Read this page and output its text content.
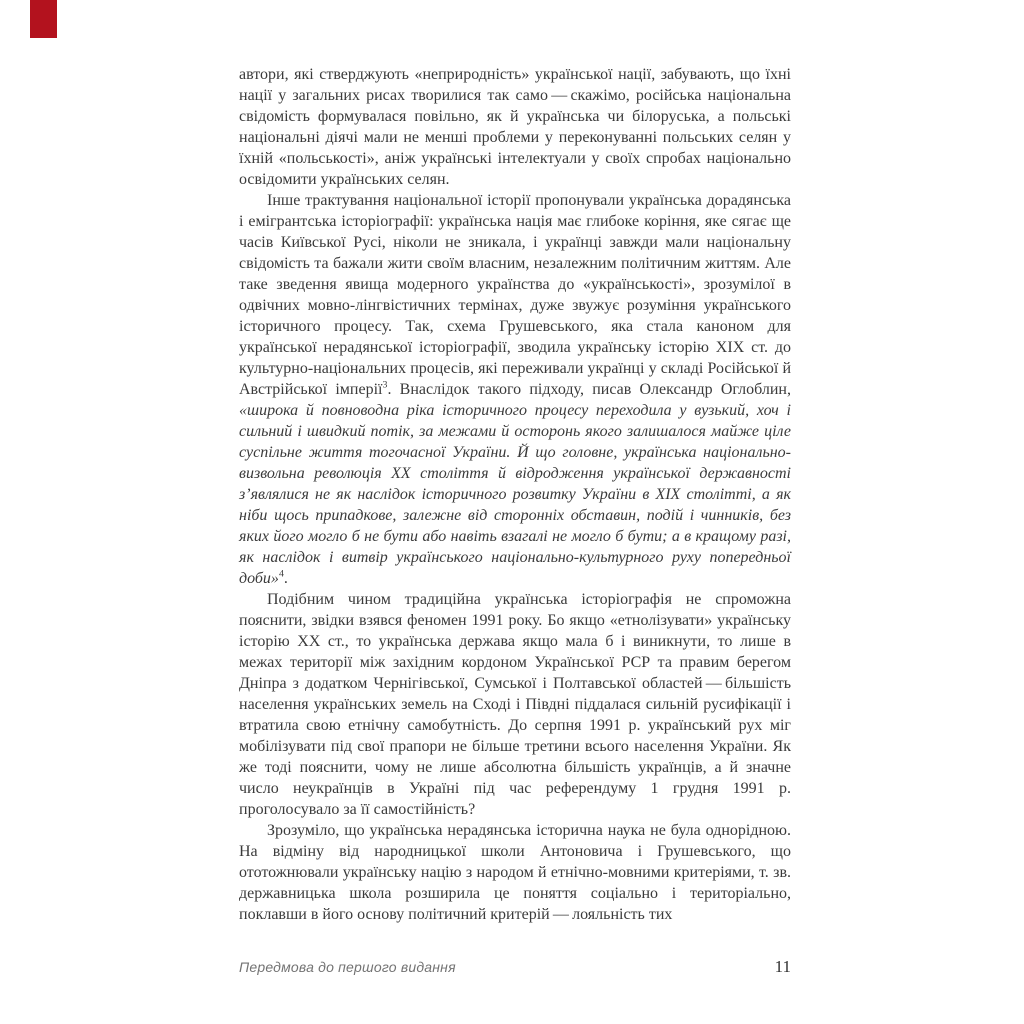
автори, які стверджують «неприродність» української нації, забувають, що їхні нації у загальних рисах творилися так само — скажімо, російська національна свідомість формувалася повільно, як й українська чи білоруська, а польські національні діячі мали не менші проблеми у переконуванні польських селян у їхній «польськості», аніж українські інтелектуали у своїх спробах національно освідомити українських селян.

Інше трактування національної історії пропонували українська дорадянська і емігрантська історіографії: українська нація має глибоке коріння, яке сягає ще часів Київської Русі, ніколи не зникала, і українці завжди мали національну свідомість та бажали жити своїм власним, незалежним політичним життям. Але таке зведення явища модерного українства до «українськості», зрозумілої в одвічних мовно-лінгвістичних термінах, дуже звужує розуміння українського історичного процесу. Так, схема Грушевського, яка стала каноном для української нерадянської історіографії, зводила українську історію XIX ст. до культурно-національних процесів, які переживали українці у складі Російської й Австрійської імперії$^3$. Внаслідок такого підходу, писав Олександр Оглоблин, «широка й повноводна ріка історичного процесу переходила у вузький, хоч і сильний і швидкий потік, за межами й осторонь якого залишалося майже ціле суспільне життя тогочасної України. Й що головне, українська національно-визвольна революція XX століття й відродження української державності з’являлися не як наслідок історичного розвитку України в XIX столітті, а як ніби щось припадкове, залежне від сторонніх обставин, подій і чинників, без яких його могло б не бути або навіть взагалі не могло б бути; а в кращому разі, як наслідок і витвір українського національно-культурного руху попередньої доби»$^4$.

Подібним чином традиційна українська історіографія не спроможна пояснити, звідки взявся феномен 1991 року. Бо якщо «етнолізувати» українську історію XX ст., то українська держава якщо мала б і виникнути, то лише в межах території між західним кордоном Української РСР та правим берегом Дніпра з додатком Чернігівської, Сумської і Полтавської областей — більшість населення українських земель на Сході і Півдні піддалася сильній русифікації і втратила свою етнічну самобутність. До серпня 1991 р. український рух міг мобілізувати під свої прапори не більше третини всього населення України. Як же тоді пояснити, чому не лише абсолютна більшість українців, а й значне число неукраїнців в Україні під час референдуму 1 грудня 1991 р. проголосувало за її самостійність?

Зрозуміло, що українська нерадянська історична наука не була однорідною. На відміну від народницької школи Антоновича і Грушевського, що ототожнювали українську націю з народом й етнічно-мовними критеріями, т. зв. державницька школа розширила це поняття соціально і територіально, поклавши в його основу політичний критерій — лояльність тих

Передмова до першого видання	11
